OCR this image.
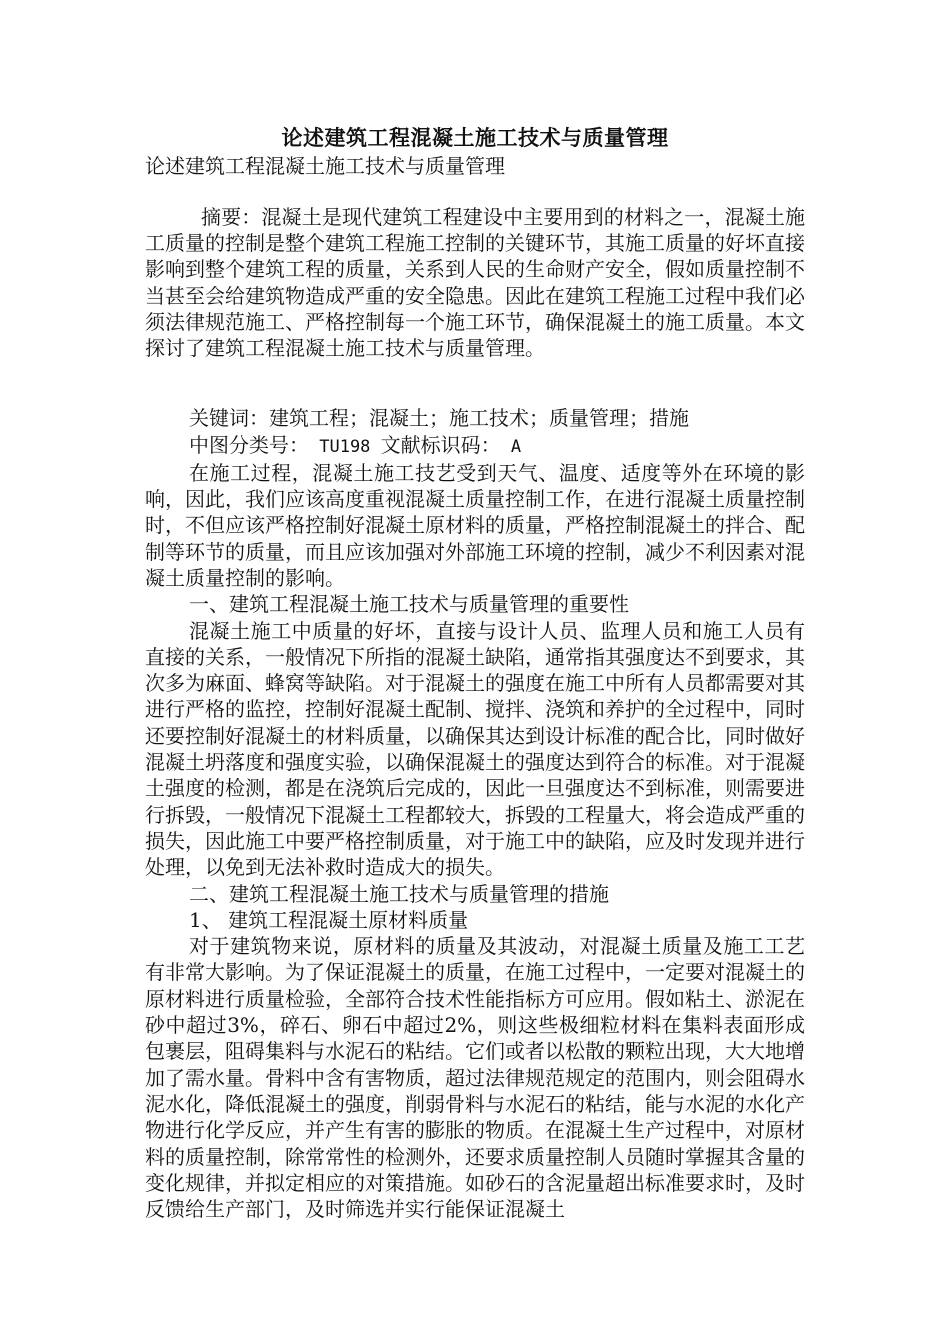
论述建筑工程混凝土施工技术与质量管理

论述建筑工程混凝土施工技术与质量管理

摘要：混凝土是现代建筑工程建设中主要用到的材料之一，混凝土施工质量的控制是整个建筑工程施工控制的关键环节，其施工质量的好坏直接影响到整个建筑工程的质量，关系到人民的生命财产安全，假如质量控制不当甚至会给建筑物造成严重的安全隐患。因此在建筑工程施工过程中我们必须法律规范施工、严格控制每一个施工环节，确保混凝土的施工质量。本文探讨了建筑工程混凝土施工技术与质量管理。

关键词：建筑工程；混凝土；施工技术；质量管理；措施

中图分类号： TU198 文献标识码： A

在施工过程，混凝土施工技艺受到天气、温度、适度等外在环境的影响，因此，我们应该高度重视混凝土质量控制工作，在进行混凝土质量控制时，不但应该严格控制好混凝土原材料的质量，严格控制混凝土的拌合、配制等环节的质量，而且应该加强对外部施工环境的控制，减少不利因素对混凝土质量控制的影响。

一、建筑工程混凝土施工技术与质量管理的重要性

混凝土施工中质量的好坏，直接与设计人员、监理人员和施工人员有直接的关系，一般情况下所指的混凝土缺陷，通常指其强度达不到要求，其次多为麻面、蜂窝等缺陷。对于混凝土的强度在施工中所有人员都需要对其进行严格的监控，控制好混凝土配制、搅拌、浇筑和养护的全过程中，同时还要控制好混凝土的材料质量，以确保其达到设计标准的配合比，同时做好混凝土坍落度和强度实验，以确保混凝土的强度达到符合的标准。对于混凝土强度的检测，都是在浇筑后完成的，因此一旦强度达不到标准，则需要进行拆毁，一般情况下混凝土工程都较大，拆毁的工程量大，将会造成严重的损失，因此施工中要严格控制质量，对于施工中的缺陷，应及时发现并进行处理，以免到无法补救时造成大的损失。

二、建筑工程混凝土施工技术与质量管理的措施

1、 建筑工程混凝土原材料质量

对于建筑物来说，原材料的质量及其波动，对混凝土质量及施工工艺有非常大影响。为了保证混凝土的质量，在施工过程中，一定要对混凝土的原材料进行质量检验，全部符合技术性能指标方可应用。假如粘土、淤泥在砂中超过3%，碎石、卵石中超过2%，则这些极细粒材料在集料表面形成包裹层，阻碍集料与水泥石的粘结。它们或者以松散的颗粒出现，大大地增加了需水量。骨料中含有害物质，超过法律规范规定的范围内，则会阻碍水泥水化，降低混凝土的强度，削弱骨料与水泥石的粘结，能与水泥的水化产物进行化学反应，并产生有害的膨胀的物质。在混凝土生产过程中，对原材料的质量控制，除常常性的检测外，还要求质量控制人员随时掌握其含量的变化规律，并拟定相应的对策措施。如砂石的含泥量超出标准要求时，及时反馈给生产部门，及时筛选并实行能保证混凝土
